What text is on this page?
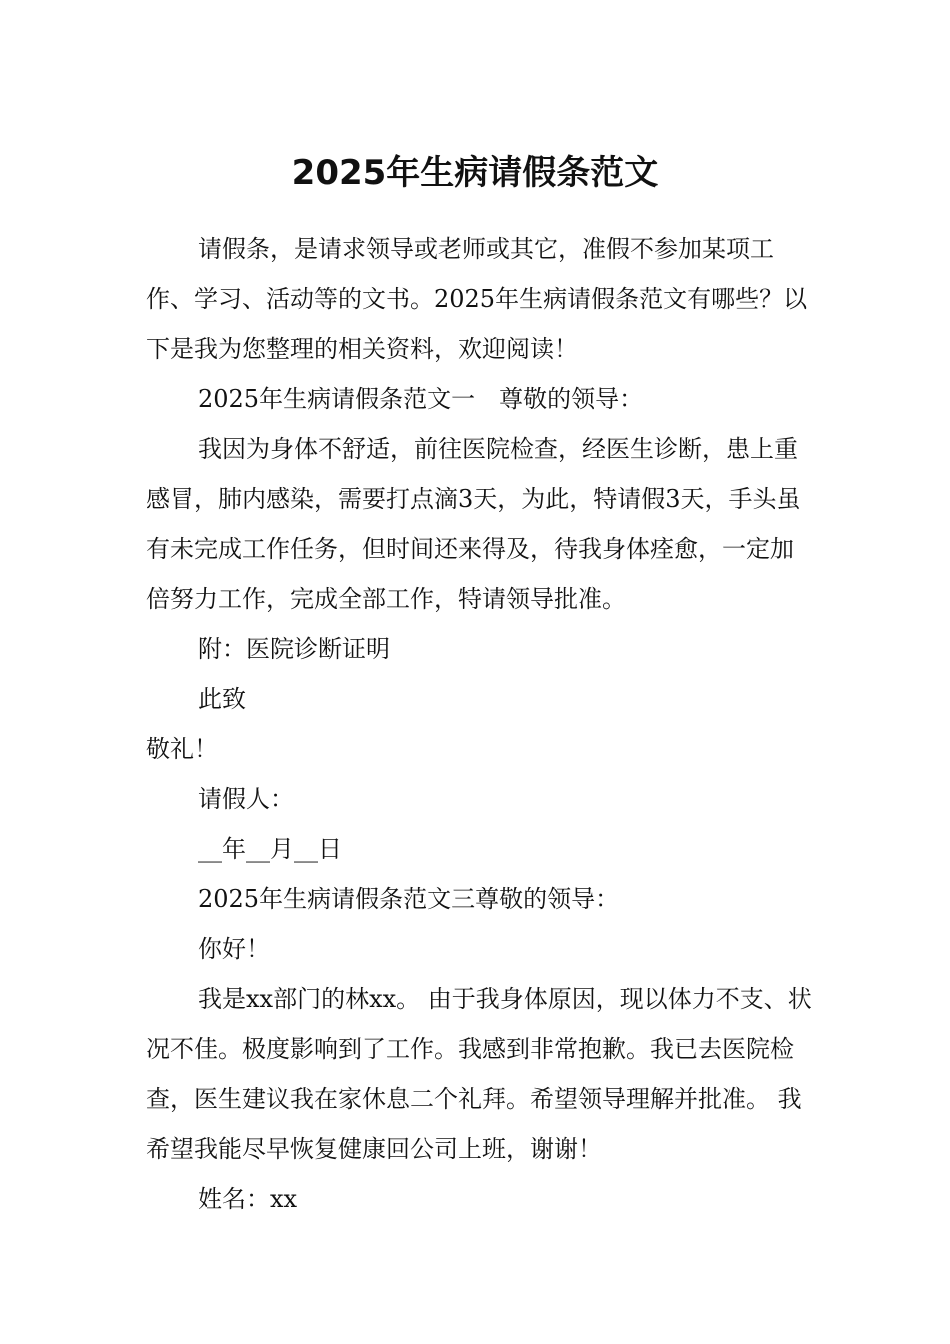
2025年生病请假条范文

请假条，是请求领导或老师或其它，准假不参加某项工作、学习、活动等的文书。2025年生病请假条范文有哪些？以下是我为您整理的相关资料，欢迎阅读！

2025年生病请假条范文一　尊敬的领导：

我因为身体不舒适，前往医院检查，经医生诊断，患上重感冒，肺内感染，需要打点滴3天，为此，特请假3天，手头虽有未完成工作任务，但时间还来得及，待我身体痊愈，一定加倍努力工作，完成全部工作，特请领导批准。

附：医院诊断证明

此致

敬礼！

请假人：

__年__月__日

2025年生病请假条范文三尊敬的领导：

你好！

我是xx部门的林xx。 由于我身体原因，现以体力不支、状况不佳。极度影响到了工作。我感到非常抱歉。我已去医院检查，医生建议我在家休息二个礼拜。希望领导理解并批准。 我希望我能尽早恢复健康回公司上班，谢谢！

姓名：xx
